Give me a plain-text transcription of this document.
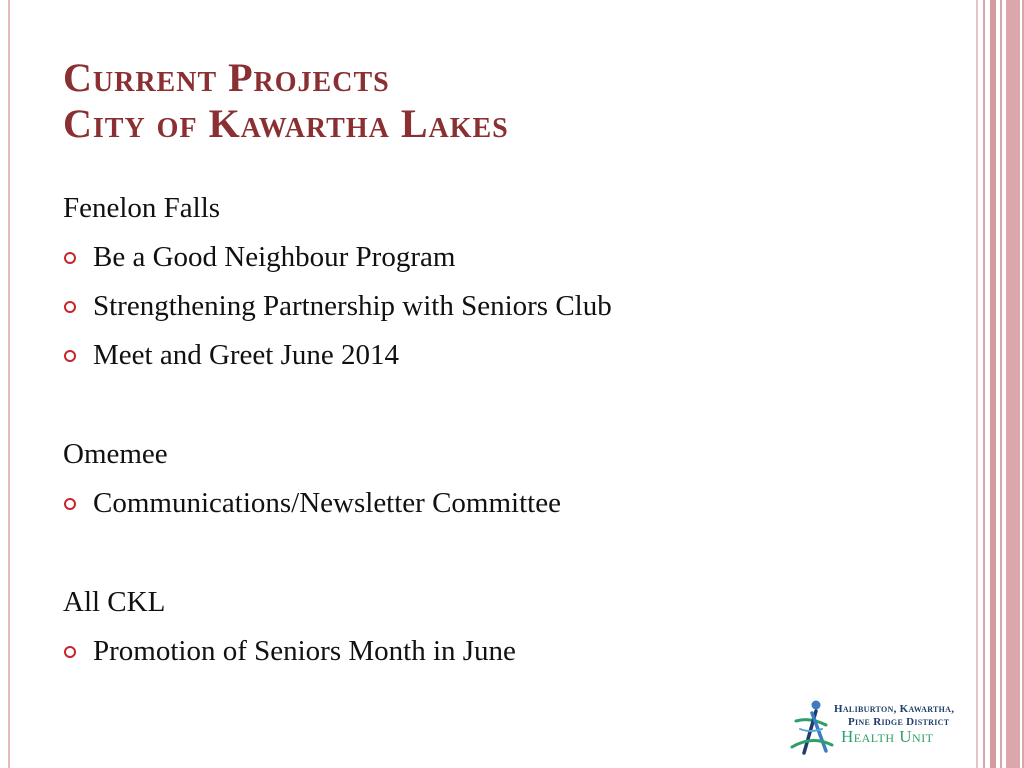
Current Projects
City of Kawartha Lakes
Fenelon Falls
Be a Good Neighbour Program
Strengthening Partnership with Seniors Club
Meet and Greet June 2014
Omemee
Communications/Newsletter Committee
All CKL
Promotion of Seniors Month in June
Haliburton, Kawartha,
Pine Ridge District
Health Unit
